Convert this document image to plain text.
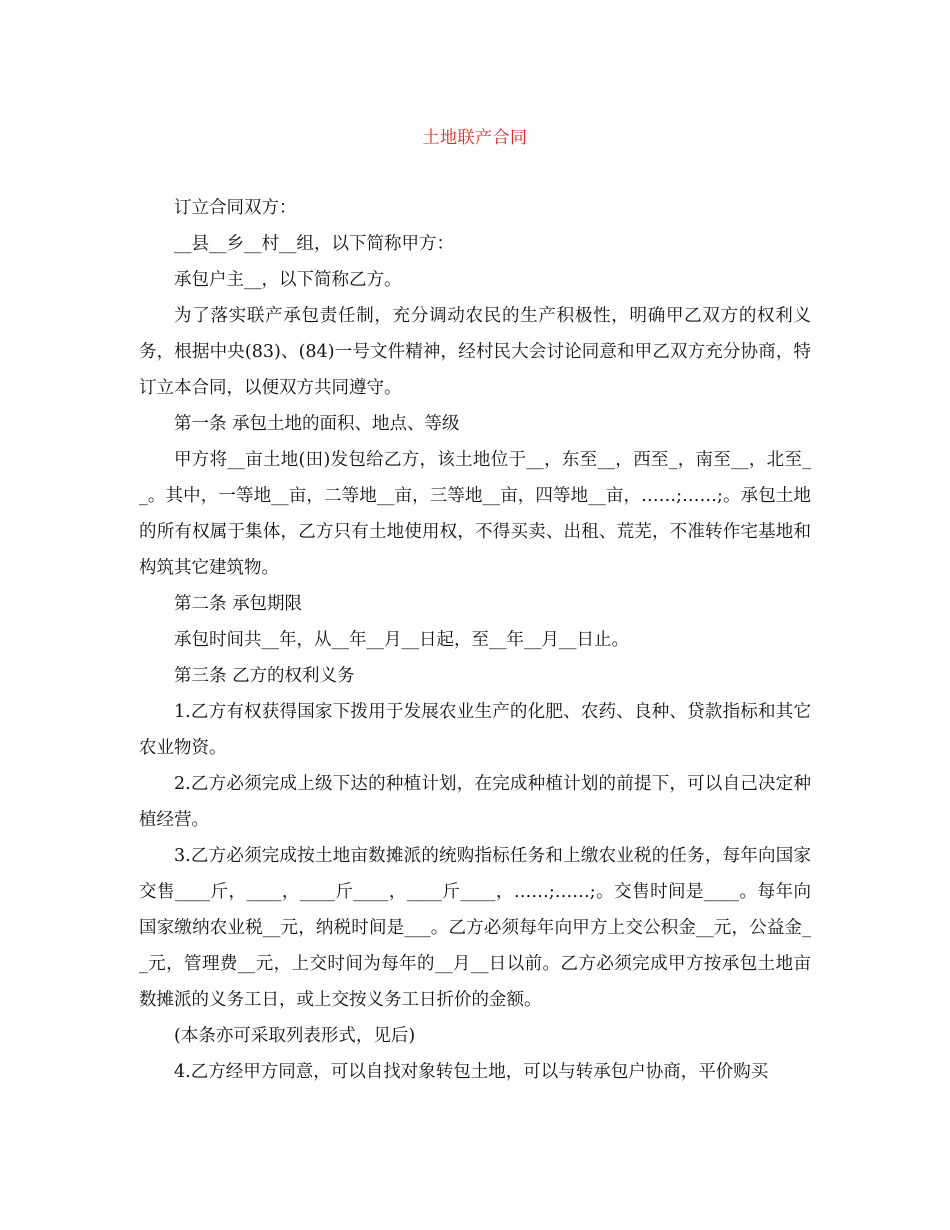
土地联产合同

订立合同双方：

__县__乡__村__组，以下简称甲方：

承包户主__，以下简称乙方。

为了落实联产承包责任制，充分调动农民的生产积极性，明确甲乙双方的权利义务，根据中央(83)、(84)一号文件精神，经村民大会讨论同意和甲乙双方充分协商，特订立本合同，以便双方共同遵守。

第一条 承包土地的面积、地点、等级

甲方将__亩土地(田)发包给乙方，该土地位于__，东至__，西至_，南至__，北至__。其中，一等地__亩，二等地__亩，三等地__亩，四等地__亩，……;……;。承包土地的所有权属于集体，乙方只有土地使用权，不得买卖、出租、荒芜，不准转作宅基地和构筑其它建筑物。

第二条 承包期限

承包时间共__年，从__年__月__日起，至__年__月__日止。

第三条 乙方的权利义务

1.乙方有权获得国家下拨用于发展农业生产的化肥、农药、良种、贷款指标和其它农业物资。

2.乙方必须完成上级下达的种植计划，在完成种植计划的前提下，可以自己决定种植经营。

3.乙方必须完成按土地亩数摊派的统购指标任务和上缴农业税的任务，每年向国家交售____斤，____，____斤____，____斤____，……;……;。交售时间是____。每年向国家缴纳农业税__元，纳税时间是___。乙方必须每年向甲方上交公积金__元，公益金__元，管理费__元，上交时间为每年的__月__日以前。乙方必须完成甲方按承包土地亩数摊派的义务工日，或上交按义务工日折价的金额。

(本条亦可采取列表形式，见后)

4.乙方经甲方同意，可以自找对象转包土地，可以与转承包户协商，平价购买
